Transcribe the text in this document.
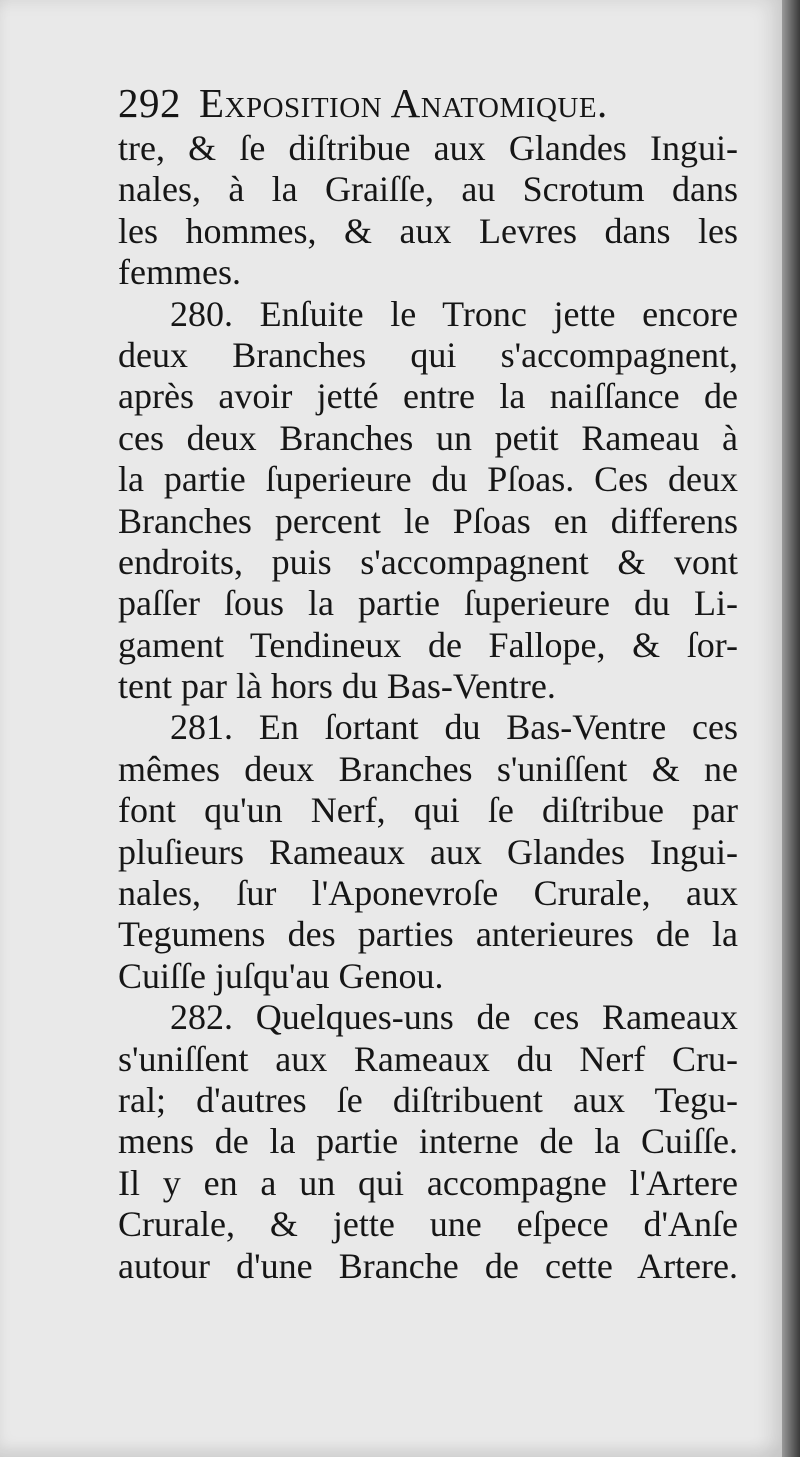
292 Exposition Anatomique.
tre, & ſe diſtribue aux Glandes Ingui-
nales, à la Graiſſe, au Scrotum dans
les hommes, & aux Levres dans les
femmes.
280. Enſuite le Tronc jette encore
deux Branches qui s'accompagnent,
après avoir jetté entre la naiſſance de
ces deux Branches un petit Rameau à
la partie ſuperieure du Pſoas. Ces deux
Branches percent le Pſoas en differens
endroits, puis s'accompagnent & vont
paſſer ſous la partie ſuperieure du Li-
gament Tendineux de Fallope, & ſor-
tent par là hors du Bas-Ventre.
281. En ſortant du Bas-Ventre ces
mêmes deux Branches s'uniſſent & ne
font qu'un Nerf, qui ſe diſtribue par
pluſieurs Rameaux aux Glandes Ingui-
nales, ſur l'Aponevroſe Crurale, aux
Tegumens des parties anterieures de la
Cuiſſe juſqu'au Genou.
282. Quelques-uns de ces Rameaux
s'uniſſent aux Rameaux du Nerf Cru-
ral; d'autres ſe diſtribuent aux Tegu-
mens de la partie interne de la Cuiſſe.
Il y en a un qui accompagne l'Artere
Crurale, & jette une eſpece d'Anſe
autour d'une Branche de cette Artere.
